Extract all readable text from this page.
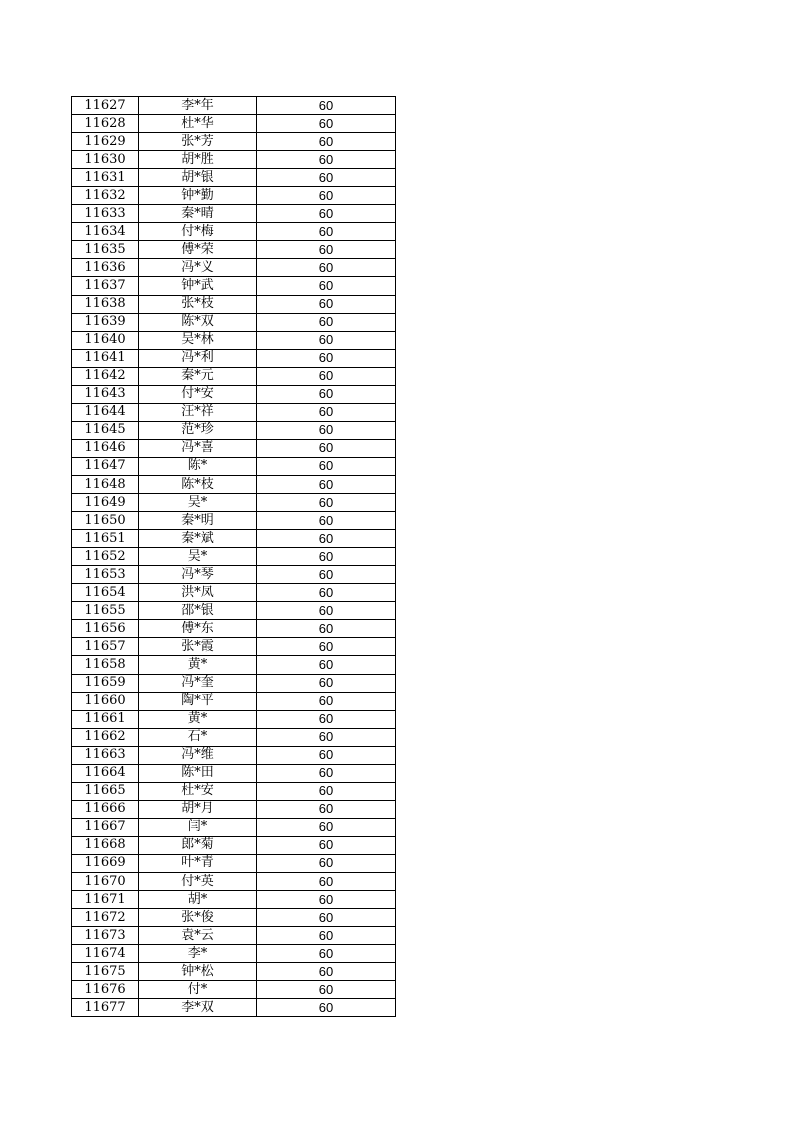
11627	李*年	60
11628	杜*华	60
11629	张*芳	60
11630	胡*胜	60
11631	胡*银	60
11632	钟*勤	60
11633	秦*晴	60
11634	付*梅	60
11635	傅*荣	60
11636	冯*义	60
11637	钟*武	60
11638	张*枝	60
11639	陈*双	60
11640	吴*林	60
11641	冯*利	60
11642	秦*元	60
11643	付*安	60
11644	汪*祥	60
11645	范*珍	60
11646	冯*喜	60
11647	陈*	60
11648	陈*枝	60
11649	吴*	60
11650	秦*明	60
11651	秦*斌	60
11652	吴*	60
11653	冯*琴	60
11654	洪*凤	60
11655	邵*银	60
11656	傅*东	60
11657	张*霞	60
11658	黄*	60
11659	冯*奎	60
11660	陶*平	60
11661	黄*	60
11662	石*	60
11663	冯*维	60
11664	陈*田	60
11665	杜*安	60
11666	胡*月	60
11667	闫*	60
11668	郎*菊	60
11669	叶*青	60
11670	付*英	60
11671	胡*	60
11672	张*俊	60
11673	袁*云	60
11674	李*	60
11675	钟*松	60
11676	付*	60
11677	李*双	60
